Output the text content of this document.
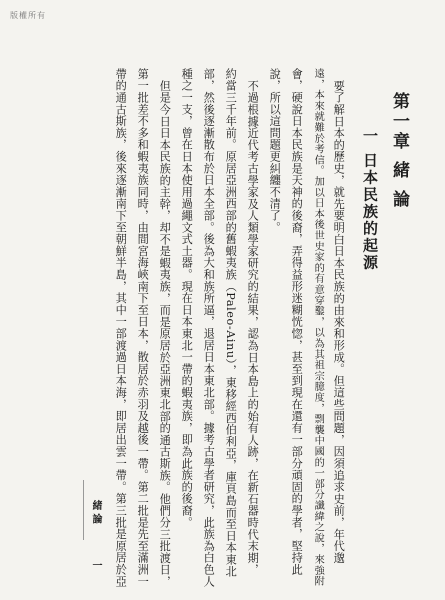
版權所有
第一章 緒 論
一 日本民族的起源
要了解日本的歷史，就先要明白日本民族的由來和形成。但這些問題，因須追求史前，年代邈
遠，本來就難於考信。加以日本後世史家的有意穿鑿，以為其祖宗臆度，剽襲中國的一部分讖緯之說，來強附
會，硬說日本民族是天神的後裔，弄得益形迷糊恍惚，甚至到現在還有一部分頑固的學者，堅持此
說，所以這問題更糾纏不清了。
不過根據近代考古學家及人類學家研究的結果，認為日本島上的始有人跡，在新石器時代末期，
約當三千年前。原居亞洲西部的舊蝦夷族（Paleo-Ainu），東移經西伯利亞，庫頁島而至日本東北
部，然後逐漸散布於日本全部。後為大和族所逼，退居日本東北部。據考古學者研究，此族為白色人
種之一支，曾在日本使用過繩文式土器。現在日本東北一帶的蝦夷族，即為此族的後裔。
但是今日日本民族的主幹，却不是蝦夷族，而是原居於亞洲東北部的通古斯族。他們分三批渡日，
第一批差不多和蝦夷族同時，由間宮海峽南下至日本，散居於赤羽及越後一帶。第二批是先至滿洲一
帶的通古斯族，後來逐漸南下至朝鮮半島，其中一部渡過日本海，即居出雲一帶。第三批是原居於亞
緒 論
一
